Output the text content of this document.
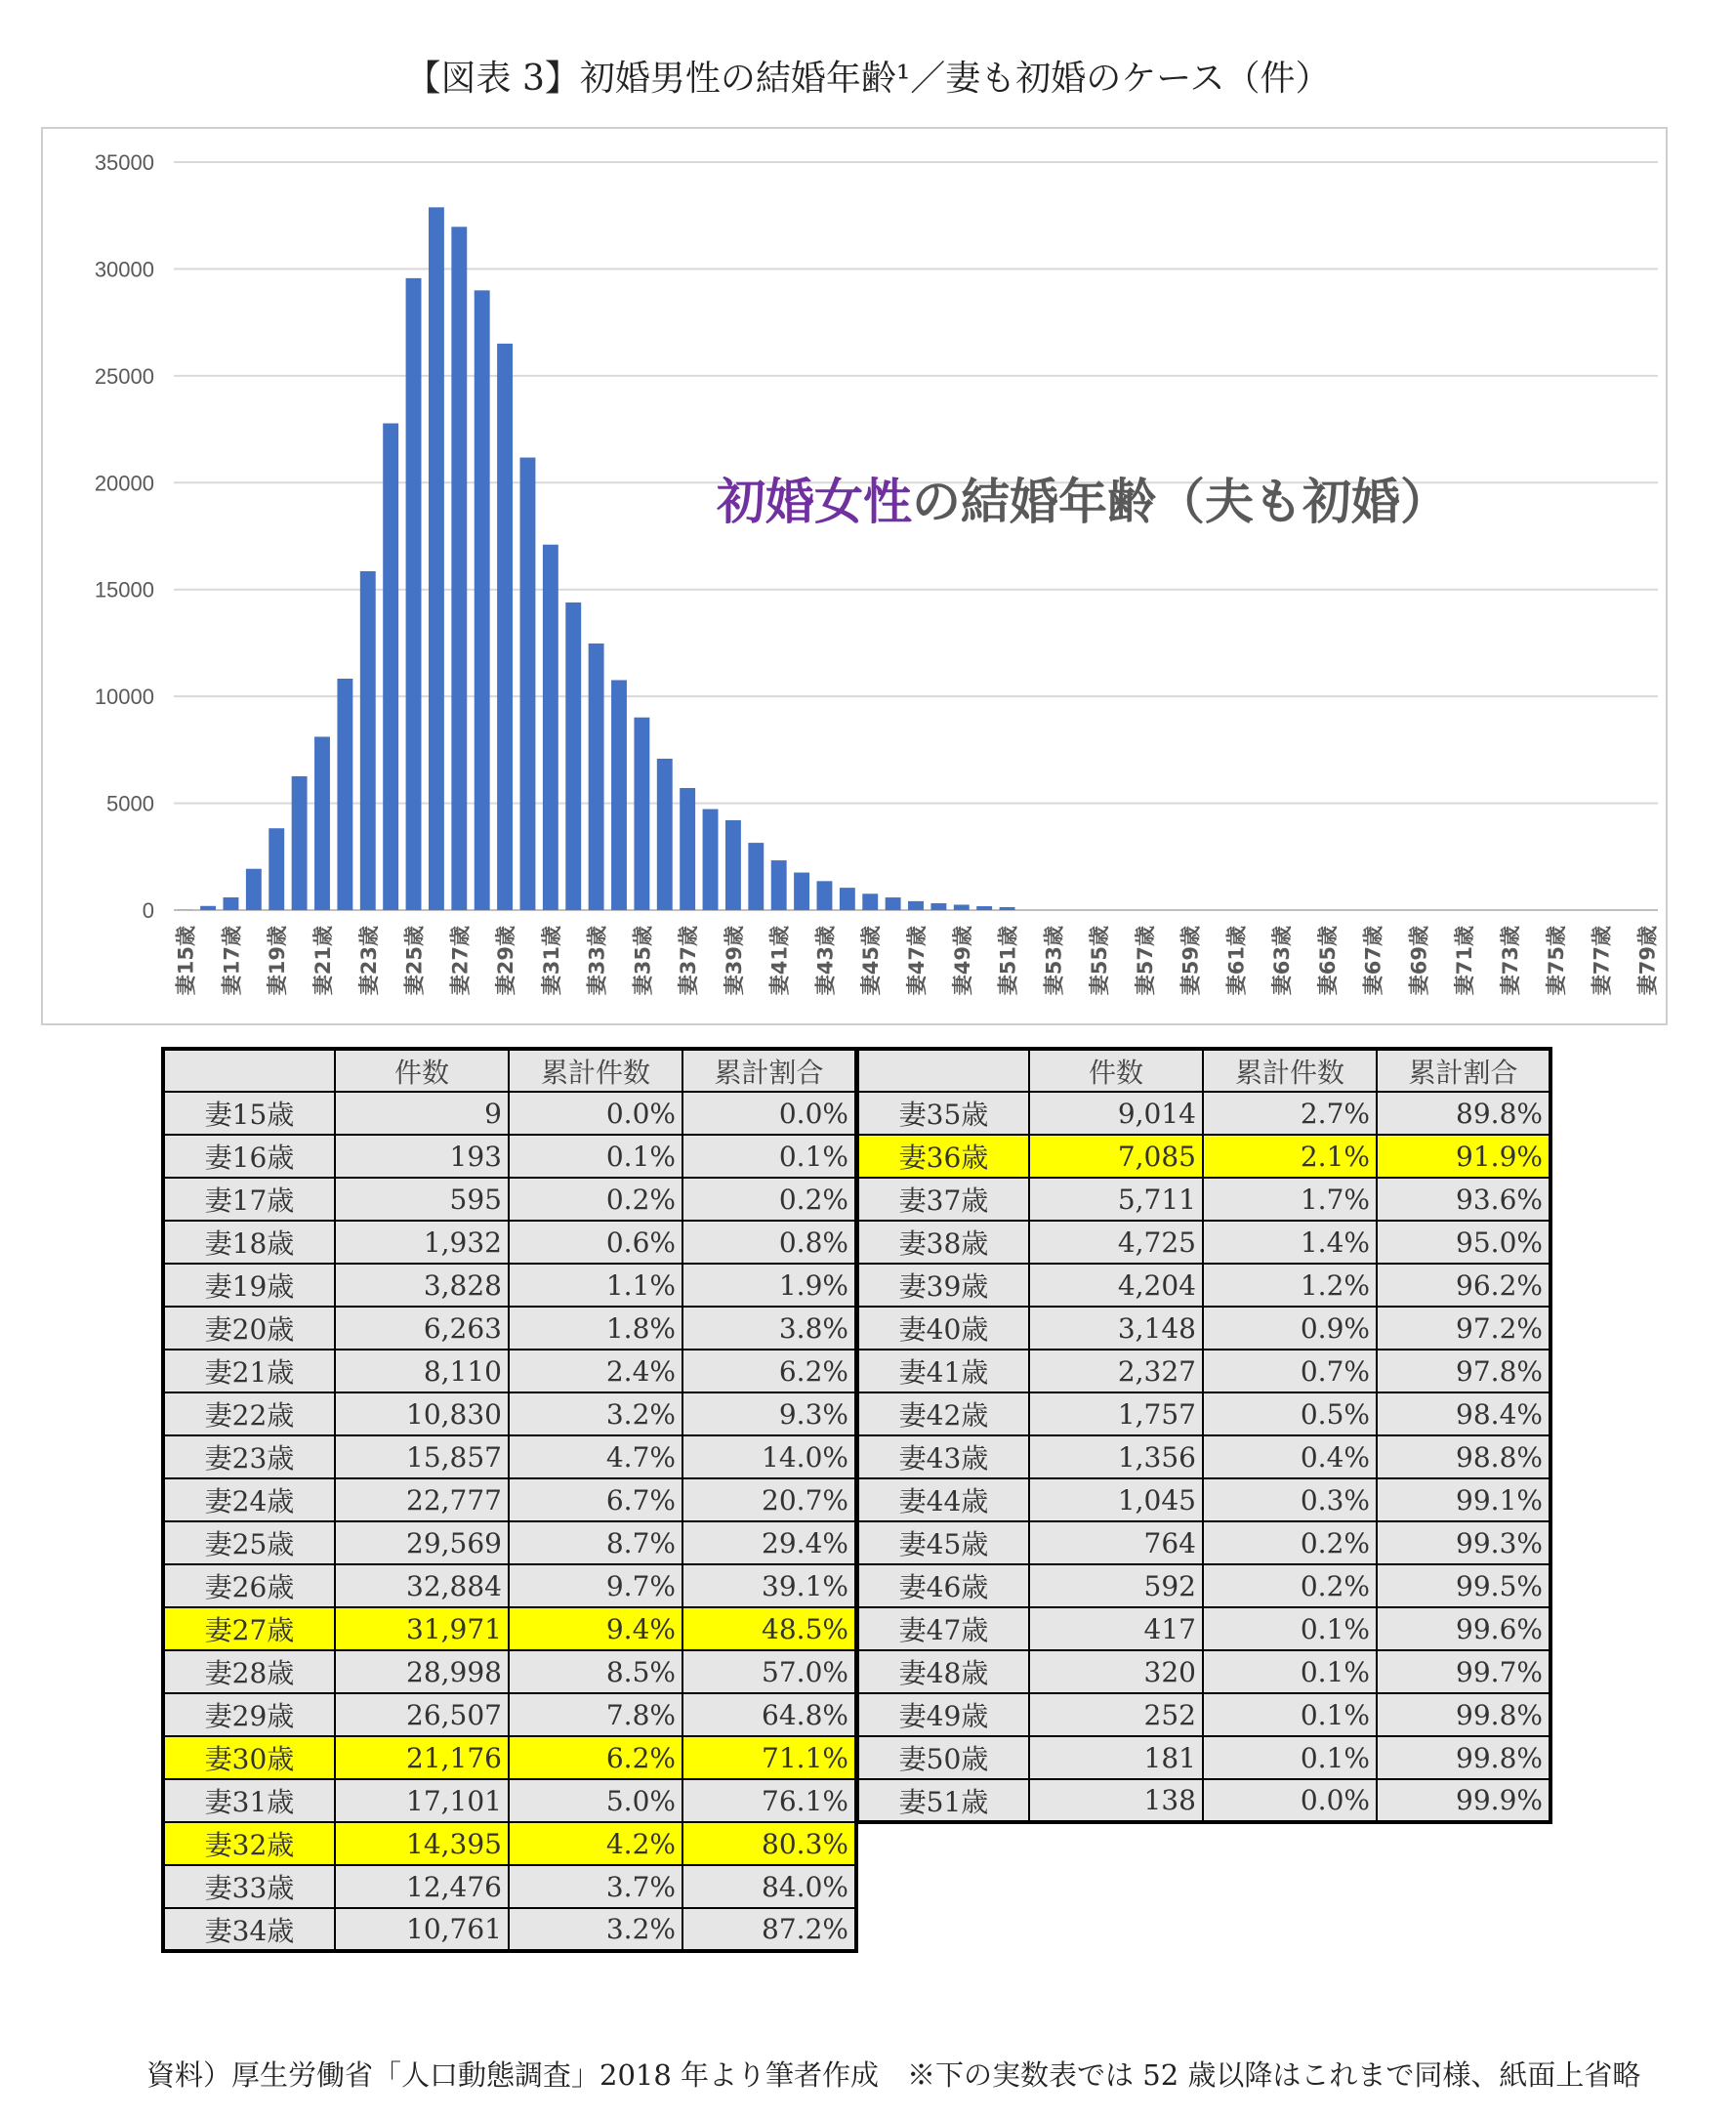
【図表 3】初婚男性の結婚年齢¹／妻も初婚のケース（件）
0
5000
10000
15000
20000
25000
30000
35000
妻15歳 妻17歳 妻19歳 妻21歳 妻23歳 妻25歳 妻27歳 妻29歳 妻31歳 妻33歳 妻35歳 妻37歳 妻39歳 妻41歳 妻43歳 妻45歳 妻47歳 妻49歳 妻51歳 妻53歳 妻55歳 妻57歳 妻59歳 妻61歳 妻63歳 妻65歳 妻67歳 妻69歳 妻71歳 妻73歳 妻75歳 妻77歳 妻79歳
初婚女性の結婚年齢（夫も初婚）
	件数	累計件数	累計割合
妻15歳	9	0.0%	0.0%
妻16歳	193	0.1%	0.1%
妻17歳	595	0.2%	0.2%
妻18歳	1,932	0.6%	0.8%
妻19歳	3,828	1.1%	1.9%
妻20歳	6,263	1.8%	3.8%
妻21歳	8,110	2.4%	6.2%
妻22歳	10,830	3.2%	9.3%
妻23歳	15,857	4.7%	14.0%
妻24歳	22,777	6.7%	20.7%
妻25歳	29,569	8.7%	29.4%
妻26歳	32,884	9.7%	39.1%
妻27歳	31,971	9.4%	48.5%
妻28歳	28,998	8.5%	57.0%
妻29歳	26,507	7.8%	64.8%
妻30歳	21,176	6.2%	71.1%
妻31歳	17,101	5.0%	76.1%
妻32歳	14,395	4.2%	80.3%
妻33歳	12,476	3.7%	84.0%
妻34歳	10,761	3.2%	87.2%
	件数	累計件数	累計割合
妻35歳	9,014	2.7%	89.8%
妻36歳	7,085	2.1%	91.9%
妻37歳	5,711	1.7%	93.6%
妻38歳	4,725	1.4%	95.0%
妻39歳	4,204	1.2%	96.2%
妻40歳	3,148	0.9%	97.2%
妻41歳	2,327	0.7%	97.8%
妻42歳	1,757	0.5%	98.4%
妻43歳	1,356	0.4%	98.8%
妻44歳	1,045	0.3%	99.1%
妻45歳	764	0.2%	99.3%
妻46歳	592	0.2%	99.5%
妻47歳	417	0.1%	99.6%
妻48歳	320	0.1%	99.7%
妻49歳	252	0.1%	99.8%
妻50歳	181	0.1%	99.8%
妻51歳	138	0.0%	99.9%
資料）厚生労働省「人口動態調査」2018 年より筆者作成　※下の実数表では 52 歳以降はこれまで同様、紙面上省略
